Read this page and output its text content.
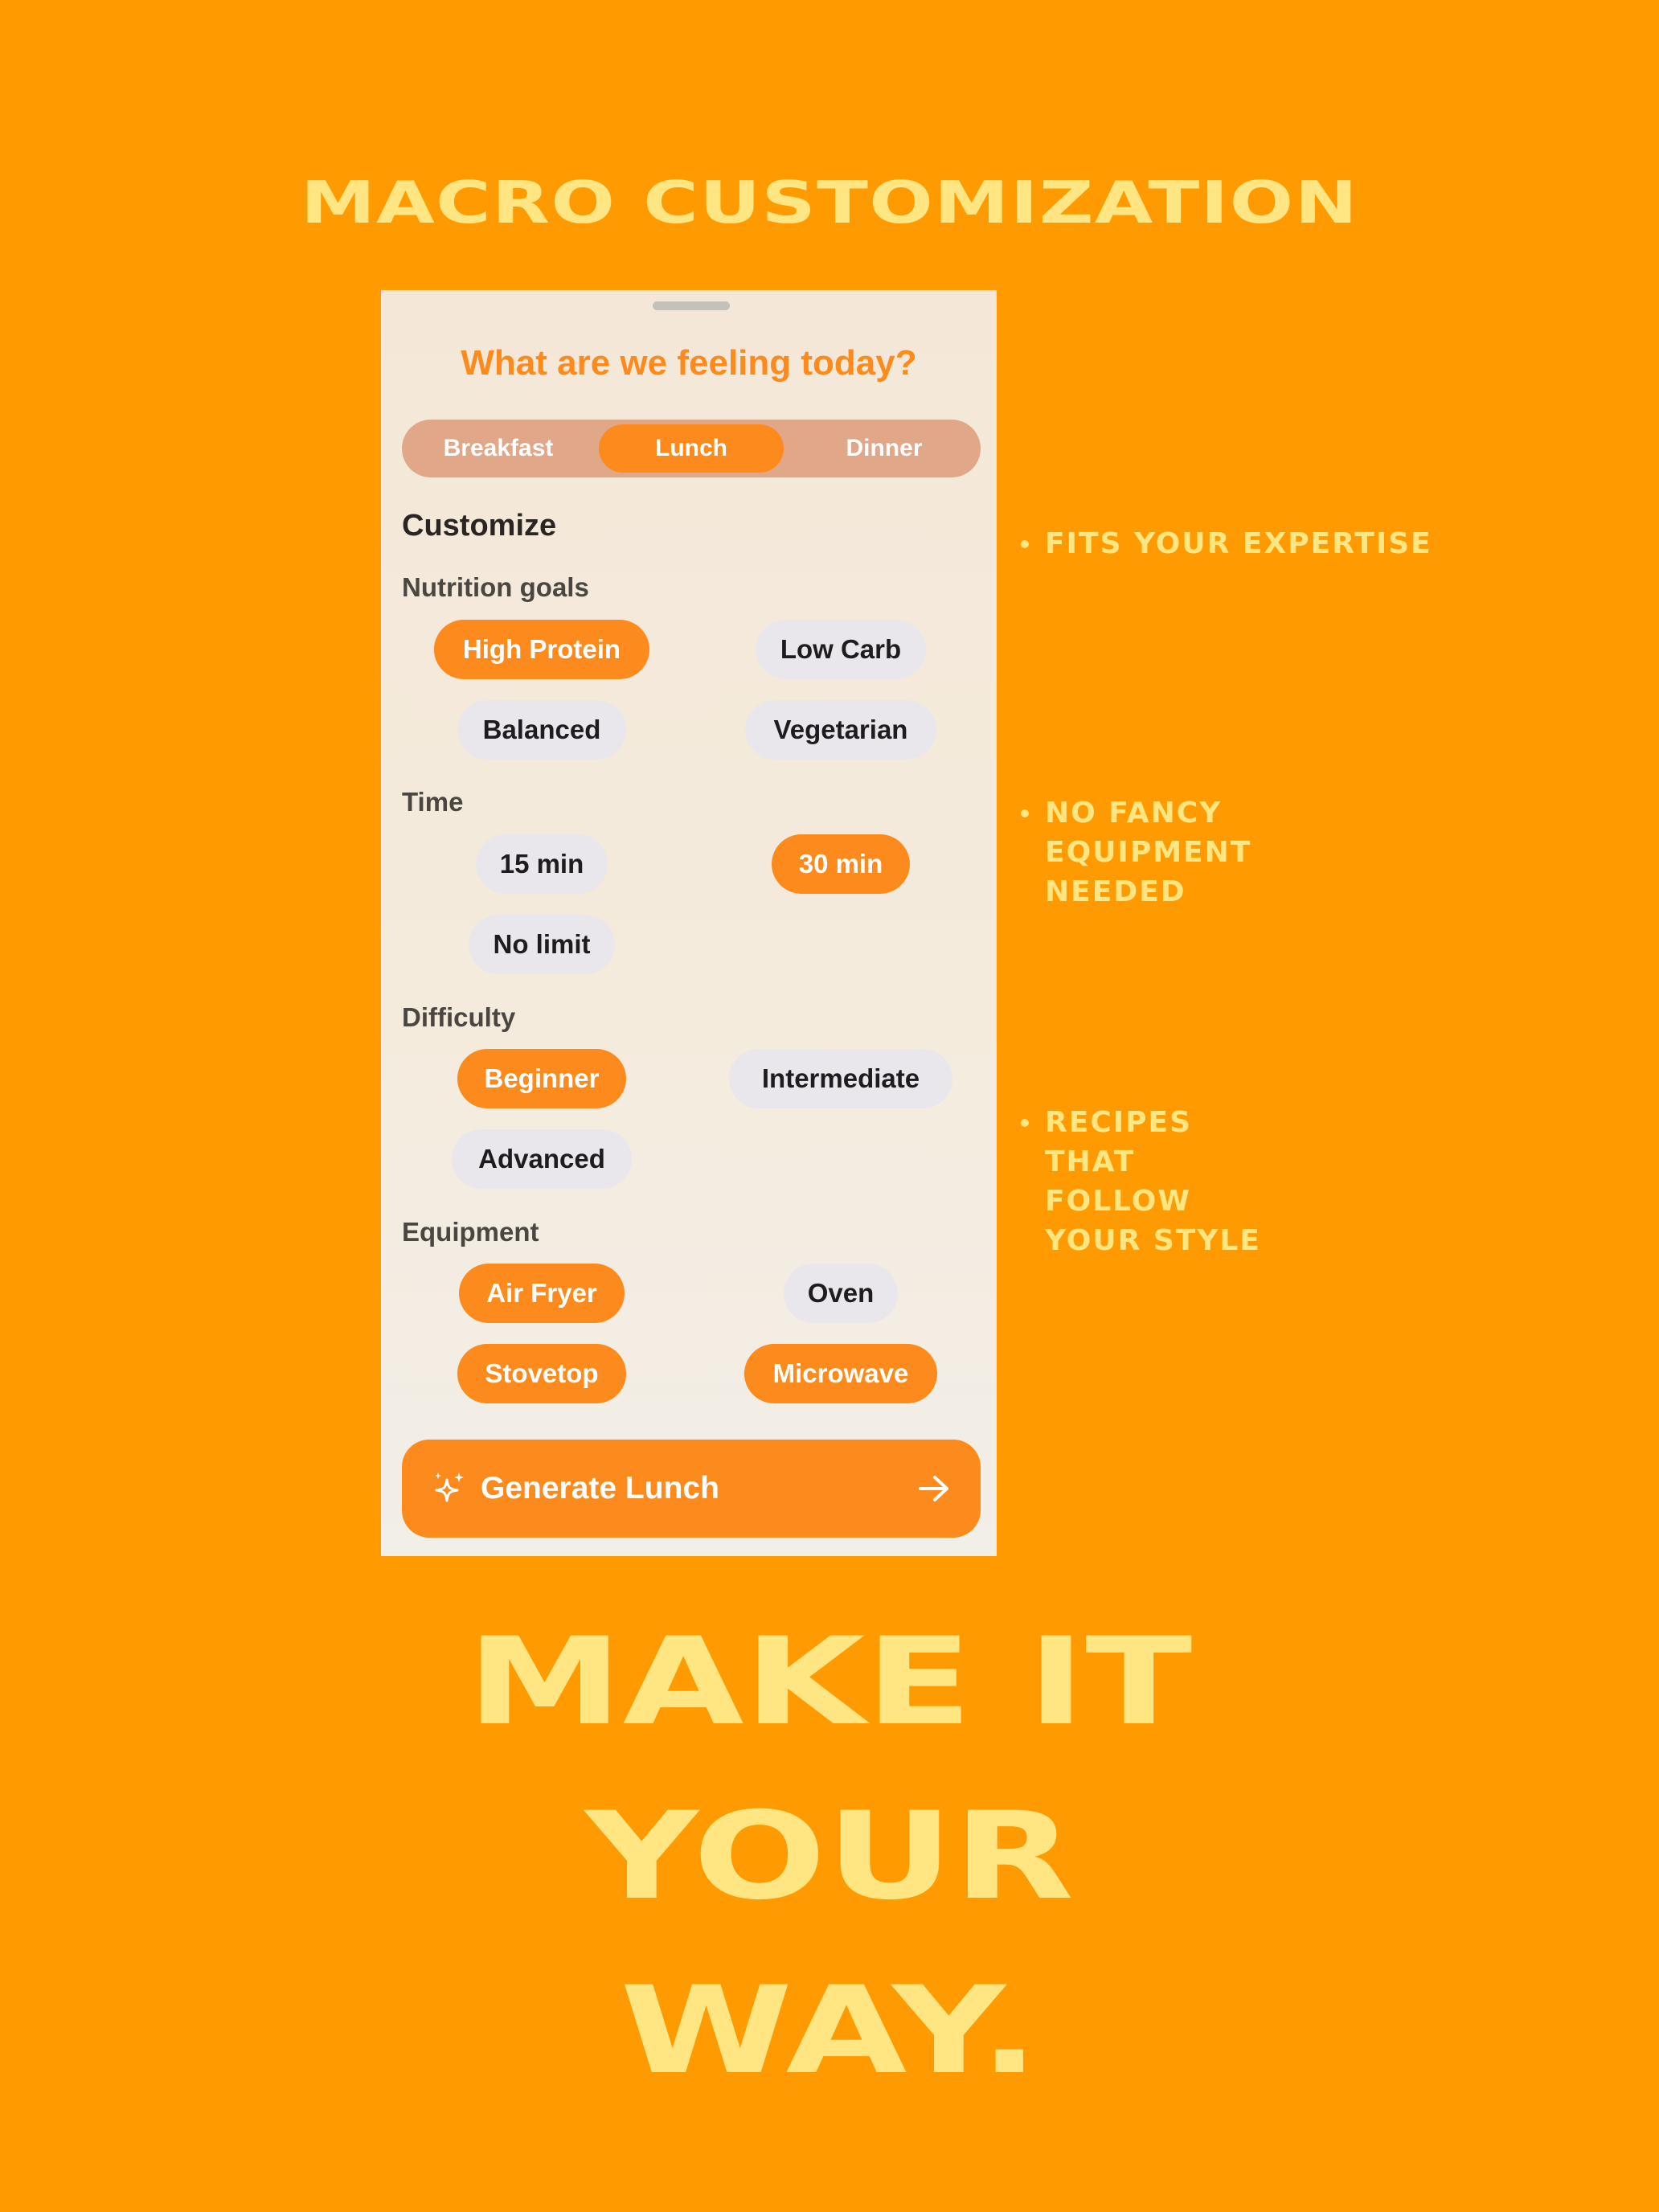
MACRO CUSTOMIZATION
What are we feeling today?
Breakfast	Lunch	Dinner
Customize
Nutrition goals
High Protein	Low Carb
Balanced	Vegetarian
Time
15 min	30 min
No limit
Difficulty
Beginner	Intermediate
Advanced
Equipment
Air Fryer	Oven
Stovetop	Microwave
Generate Lunch
FITS YOUR EXPERTISE
NO FANCY EQUIPMENT NEEDED
RECIPES THAT FOLLOW YOUR STYLE
MAKE IT
YOUR
WAY.
